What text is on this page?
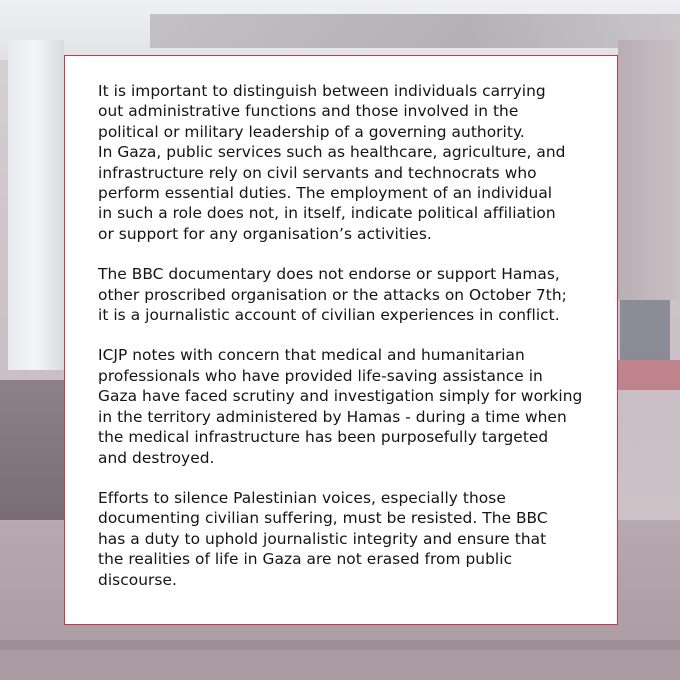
It is important to distinguish between individuals carrying
out administrative functions and those involved in the
political or military leadership of a governing authority.
In Gaza, public services such as healthcare, agriculture, and
infrastructure rely on civil servants and technocrats who
perform essential duties. The employment of an individual
in such a role does not, in itself, indicate political affiliation
or support for any organisation’s activities.

The BBC documentary does not endorse or support Hamas,
other proscribed organisation or the attacks on October 7th;
it is a journalistic account of civilian experiences in conflict.

ICJP notes with concern that medical and humanitarian
professionals who have provided life-saving assistance in
Gaza have faced scrutiny and investigation simply for working
in the territory administered by Hamas - during a time when
the medical infrastructure has been purposefully targeted
and destroyed.

Efforts to silence Palestinian voices, especially those
documenting civilian suffering, must be resisted. The BBC
has a duty to uphold journalistic integrity and ensure that
the realities of life in Gaza are not erased from public
discourse.
